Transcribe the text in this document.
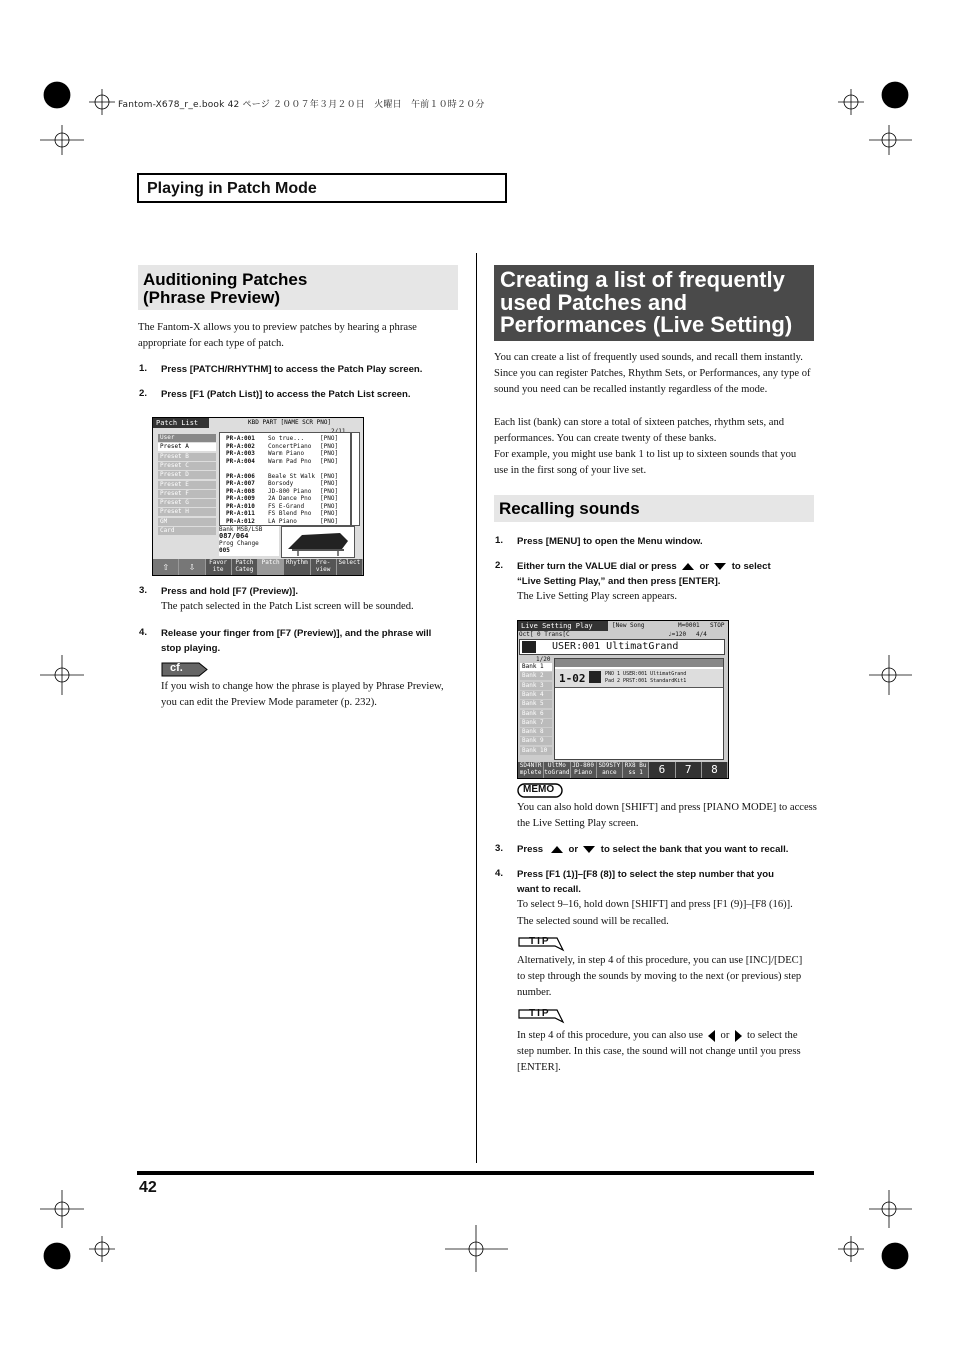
Fantom-X678_r_e.book 42 ページ ２００７年３月２０日　火曜日　午前１０時２０分
Playing in Patch Mode
Auditioning Patches
(Phrase Preview)
The Fantom-X allows you to preview patches by hearing a phrase appropriate for each type of patch.
1. Press [PATCH/RHYTHM] to access the Patch Play screen.
2. Press [F1 (Patch List)] to access the Patch List screen.
Patch List	KBD PART [NAME SCR PNO]
User
Preset A
Preset B
Preset C
Preset D
Preset E
Preset F
Preset G
Preset H
GM
Card
PR-A:001 So true...	[PNO]
PR-A:002 ConcertPiano [PNO]
PR-A:003 Warm Piano	[PNO]
PR-A:004 Warm Pad Pno [PNO]
PR-A:005 Warm SCP Pno [PNO]
PR-A:006 Beale St Walk [PNO]
PR-A:007 Borsody	[PNO]
PR-A:008 JD-800 Piano [PNO]
PR-A:009 2A Dance Pno [PNO]
PR-A:010 FS E-Grand	[PNO]
PR-A:011 FS Blend Pno [PNO]
PR-A:012 LA Piano	[PNO]
Bank MSB/LSB
087/064
Prog Change
005
⇧	⇩	Favor
ite
Patch
Categ
Patch	Rhythm	Pre-
view
Select
3. Press and hold [F7 (Preview)].
The patch selected in the Patch List screen will be sounded.
4. Release your finger from [F7 (Preview)], and the phrase will
stop playing.
cf.
If you wish to change how the phrase is played by Phrase Preview, you can edit the Preview Mode parameter (p. 232).
Creating a list of frequently
used Patches and
Performances (Live Setting)
You can create a list of frequently used sounds, and recall them instantly. Since you can register Patches, Rhythm Sets, or Performances, any type of sound you need can be recalled instantly regardless of the mode.
Each list (bank) can store a total of sixteen patches, rhythm sets, and performances. You can create twenty of these banks.
For example, you might use bank 1 to list up to sixteen sounds that you use in the first song of your live set.
Recalling sounds
1. Press [MENU] to open the Menu window.
2. Either turn the VALUE dial or press or to select
“Live Setting Play,” and then press [ENTER].
The Live Setting Play screen appears.
Live Setting Play	[New Song	M=0001 STOP
Oct[ 0 Trans[C	♩=120 4/4
USER:001 UltimatGrand
1/20
Bank 1
Bank 2
Bank 3
Bank 4
Bank 5
Bank 6
Bank 7
Bank 8
Bank 9
Bank 10
1-02	PNO 1 USER:001 UltimatGrand
Pad 2 PRST:001 StandardKit1
SD4NTR
mplete
UltMo
toGrand
JD-800
Piano
SD9STY
ance
RX8 Bu
ss 1	6	7	8
MEMO
You can also hold down [SHIFT] and press [PIANO MODE] to access the Live Setting Play screen.
3. Press	or to select the bank that you want to recall.
4. Press [F1 (1)]–[F8 (8)] to select the step number that you
want to recall.
To select 9–16, hold down [SHIFT] and press [F1 (9)]–[F8 (16)].
The selected sound will be recalled.
TIP
Alternatively, in step 4 of this procedure, you can use [INC]/[DEC] to step through the sounds by moving to the next (or previous) step number.
TIP
In step 4 of this procedure, you can also use or to select the step number. In this case, the sound will not change until you press [ENTER].
42
